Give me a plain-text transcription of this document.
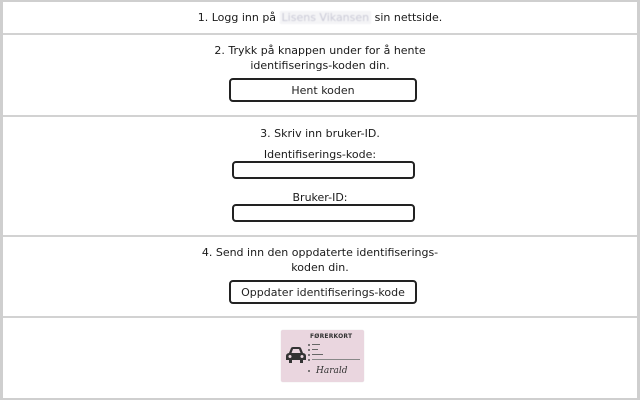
1. Logg inn på Lisens Vikansen sin nettside.
2. Trykk på knappen under for å hente
identifiserings-koden din.
Hent koden
3. Skriv inn bruker-ID.
Identifiserings-kode:
Bruker-ID:
4. Send inn den oppdaterte identifiserings-
koden din.
Oppdater identifiserings-kode
FØRERKORT
Harald
